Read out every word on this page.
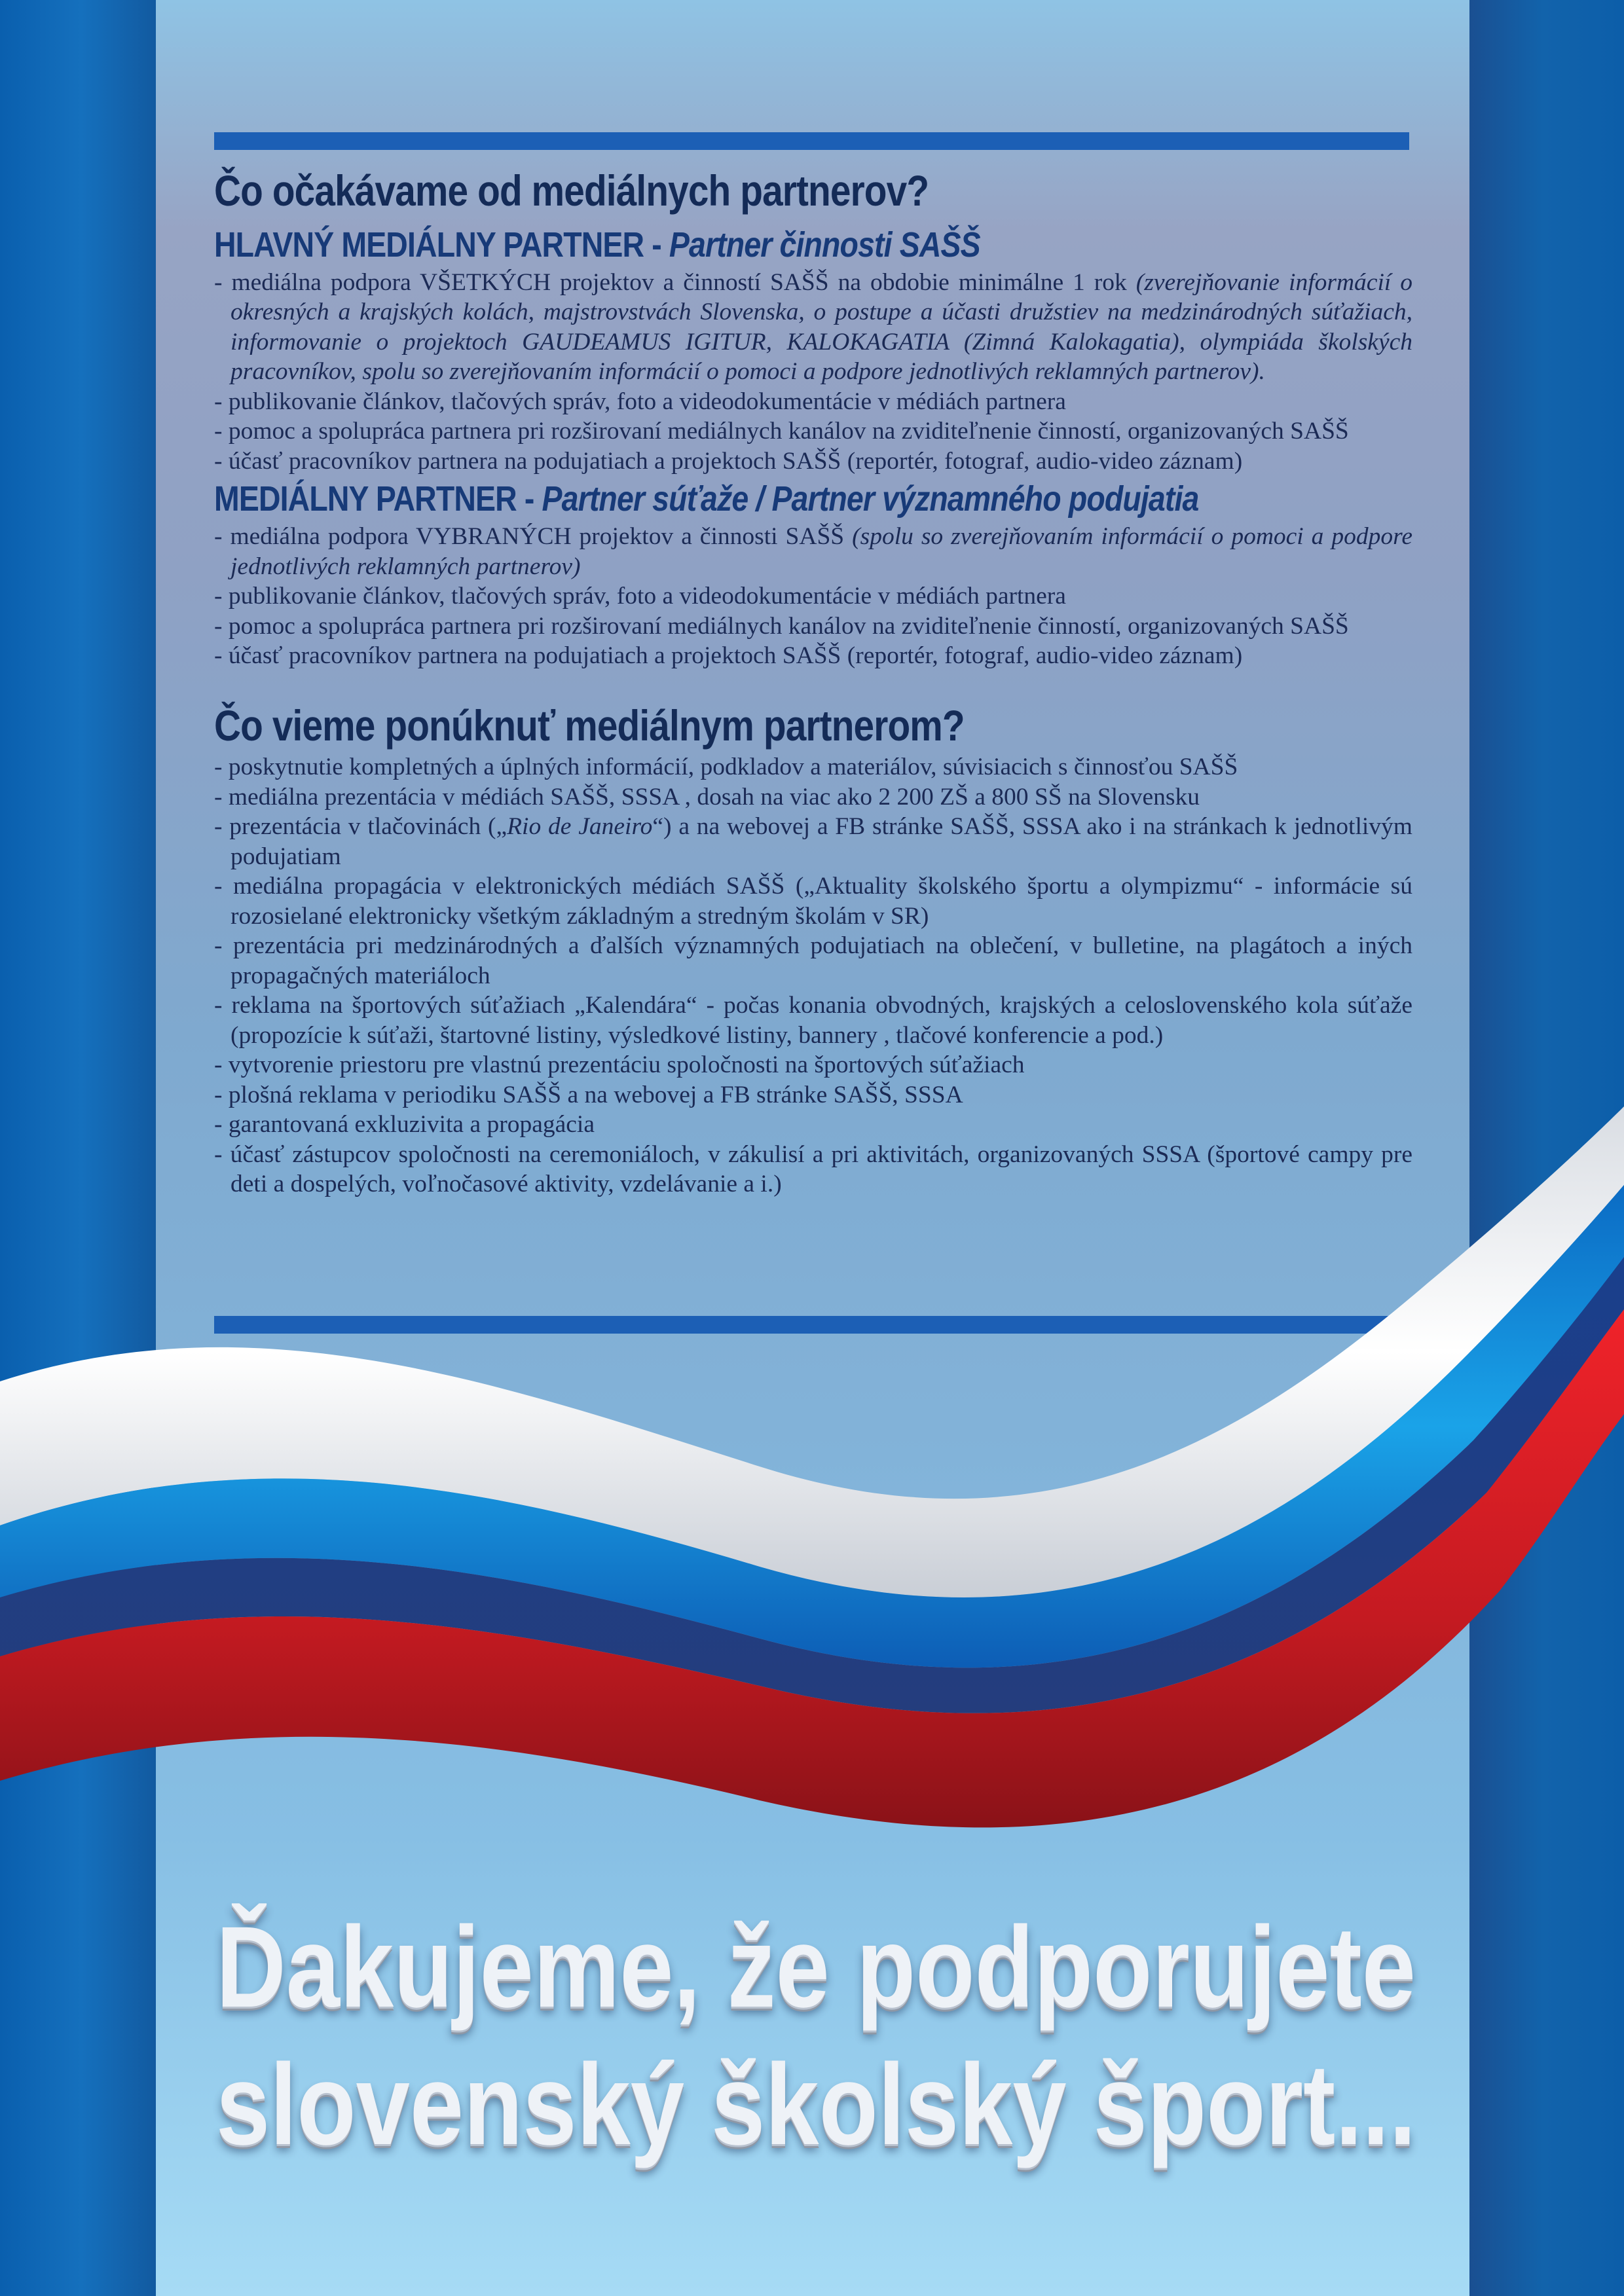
Čo očakávame od mediálnych partnerov?
HLAVNÝ MEDIÁLNY PARTNER - Partner činnosti SAŠŠ
- mediálna podpora VŠETKÝCH projektov a činností SAŠŠ na obdobie minimálne 1 rok (zverejňovanie informácií o okresných a krajských kolách, majstrovstvách Slovenska, o postupe a účasti družstiev na medzinárodných súťažiach, informovanie o projektoch GAUDEAMUS IGITUR, KALOKAGATIA (Zimná Kalokagatia), olympiáda školských pracovníkov, spolu so zverejňovaním informácií o pomoci a podpore jednotlivých reklamných partnerov).
- publikovanie článkov, tlačových správ, foto a videodokumentácie v médiách partnera
- pomoc a spolupráca partnera pri rozširovaní mediálnych kanálov na zviditeľnenie činností, organizovaných SAŠŠ
- účasť pracovníkov partnera na podujatiach a projektoch SAŠŠ (reportér, fotograf, audio-video záznam)
MEDIÁLNY PARTNER - Partner súťaže / Partner významného podujatia
- mediálna podpora VYBRANÝCH projektov a činnosti SAŠŠ (spolu so zverejňovaním informácií o pomoci a podpore jednotlivých reklamných partnerov)
- publikovanie článkov, tlačových správ, foto a videodokumentácie v médiách partnera
- pomoc a spolupráca partnera pri rozširovaní mediálnych kanálov na zviditeľnenie činností, organizovaných SAŠŠ
- účasť pracovníkov partnera na podujatiach a projektoch SAŠŠ (reportér, fotograf, audio-video záznam)
Čo vieme ponúknuť mediálnym partnerom?
- poskytnutie kompletných a úplných informácií, podkladov a materiálov, súvisiacich s činnosťou SAŠŠ
- mediálna prezentácia v médiách SAŠŠ, SSSA , dosah na viac ako 2 200 ZŠ a 800 SŠ na Slovensku
- prezentácia v tlačovinách („Rio de Janeiro“) a na webovej a FB stránke SAŠŠ, SSSA ako i na stránkach k jednotlivým podujatiam
- mediálna propagácia v elektronických médiách SAŠŠ („Aktuality školského športu a olympizmu“ - informácie sú rozosielané elektronicky všetkým základným a stredným školám v SR)
- prezentácia pri medzinárodných a ďalších významných podujatiach na oblečení, v bulletine, na plagátoch a iných propagačných materiáloch
- reklama na športových súťažiach „Kalendára“ - počas konania obvodných, krajských a celoslovenského kola súťaže (propozície k súťaži, štartovné listiny, výsledkové listiny, bannery , tlačové konferencie a pod.)
- vytvorenie priestoru pre vlastnú prezentáciu spoločnosti na športových súťažiach
- plošná reklama v periodiku SAŠŠ a na webovej a FB stránke SAŠŠ, SSSA
- garantovaná exkluzivita a propagácia
- účasť zástupcov spoločnosti na ceremoniáloch, v zákulisí a pri aktivitách, organizovaných SSSA (športové campy pre deti a dospelých, voľnočasové aktivity, vzdelávanie a i.)
Ďakujeme, že podporujete
slovenský školský šport...
